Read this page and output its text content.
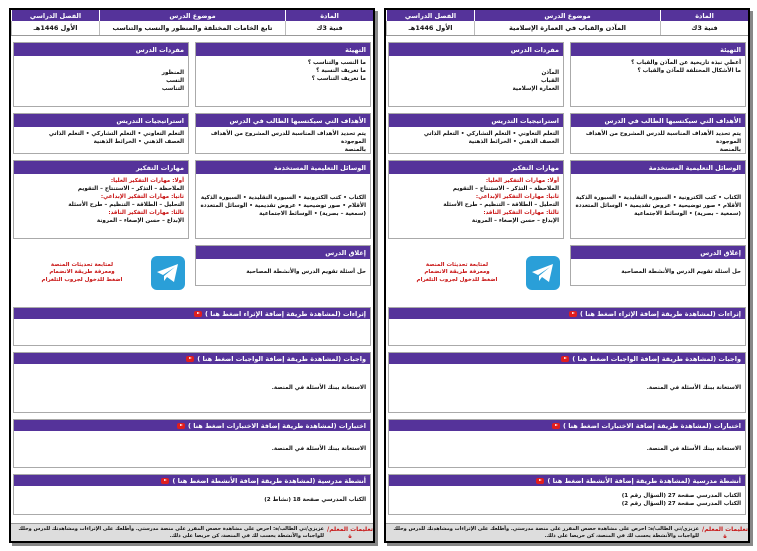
المادة
موضوع الدرس
الفصل الدراسي
فنية 3ك
المآذن والقباب في العمارة الإسلامية
الأول 1446هـ
التهيئة

أعطي نبذة تاريخية عن المآذن والقباب ؟

ما الأشكال المختلفة للمآذن والقباب ؟

الأهداف التي سيكتسبها الطالب في الدرس

يتم تحديد الأهداف المناسبة للدرس المشروح من الأهداف الموجودة

بالمنصة

الوسائل التعليمية المستخدمة

الكتاب • كتب الكترونية • السبورة التقليدية • السبورة الذكية

الأقلام • صور توضيحية • عروض تقديمية • الوسائل المتعددة

(سمعية – بصرية) • الوسائط الاجتماعية

إغلاق الدرس

حل أسئلة تقويم الدرس والأنشطة المصاحبة

مفردات الدرس

المآذن

القباب

العمارة الإسلامية

استراتيجيات التدريس

التعلم التعاوني • التعلم التشاركي • التعلم الذاتي

العصف الذهني • الخرائط الذهنية

مهارات التفكير

أولا: مهارات التفكير العليا:

الملاحظة – التذكر – الاستنتاج – التقويم

ثانيا: مهارات التفكير الإبداعي:

التحليل – الطلاقة – التنظيم – طرح الأسئلة

ثالثا: مهارات التفكير الناقد:

الإبداع – حسن الإصغاء – المرونة

لمتابعة تحديثات المنصة

ومعرفة طريقة الانضمام

اضغط للدخول لجروب التلغرام

إثراءات (لمشاهدة طريقة إضافة الإثراء اضغط هنا )
واجبات (لمشاهدة طريقة إضافة الواجبات اضغط هنا )

الاستعانة ببنك الأسئلة في المنصة.

اختبارات (لمشاهدة طريقة إضافة الاختبارات اضغط هنا )

الاستعانة ببنك الأسئلة في المنصة.

أنشطة مدرسية (لمشاهدة طريقة إضافة الأنشطة اضغط هنا )

الكتاب المدرسي صفحة 27 (السؤال رقم 1)

الكتاب المدرسي صفحة 27 (السؤال رقم 2)

تعليمات المعلم/ة
عزيزي/تي الطالب/ة: احرص على مشاهدة حصص المقرر على منصة مدرستي. وأطلعك على الإثراءات ومشاهدتك للدرس وحلك للواجبات والأنشطة يحسب لك في المنصة، كن حريصا على ذلك.
المادة
موضوع الدرس
الفصل الدراسي
فنية 3ك
تابع الخامات المختلفة والمنظور والنسب والتناسب
الأول 1446هـ
التهيئة

ما النسب والتناسب ؟

ما تعريف النسبة ؟

ما تعريف التناسب ؟

الأهداف التي سيكتسبها الطالب في الدرس

يتم تحديد الأهداف المناسبة للدرس المشروح من الأهداف الموجودة

بالمنصة

الوسائل التعليمية المستخدمة

الكتاب • كتب الكترونية • السبورة التقليدية • السبورة الذكية

الأقلام • صور توضيحية • عروض تقديمية • الوسائل المتعددة

(سمعية – بصرية) • الوسائط الاجتماعية

إغلاق الدرس

حل أسئلة تقويم الدرس والأنشطة المصاحبة

مفردات الدرس

المنظور

النسب

التناسب

استراتيجيات التدريس

التعلم التعاوني • التعلم التشاركي • التعلم الذاتي

العصف الذهني • الخرائط الذهنية

مهارات التفكير

أولا: مهارات التفكير العليا:

الملاحظة – التذكر – الاستنتاج – التقويم

ثانيا: مهارات التفكير الإبداعي:

التحليل – الطلاقة – التنظيم – طرح الأسئلة

ثالثا: مهارات التفكير الناقد:

الإبداع – حسن الإصغاء – المرونة

لمتابعة تحديثات المنصة

ومعرفة طريقة الانضمام

اضغط للدخول لجروب التلغرام

إثراءات (لمشاهدة طريقة إضافة الإثراء اضغط هنا )
واجبات (لمشاهدة طريقة إضافة الواجبات اضغط هنا )

الاستعانة ببنك الأسئلة في المنصة.

اختبارات (لمشاهدة طريقة إضافة الاختبارات اضغط هنا )

الاستعانة ببنك الأسئلة في المنصة.

أنشطة مدرسية (لمشاهدة طريقة إضافة الأنشطة اضغط هنا )

الكتاب المدرسي صفحة 18 (نشاط 2)

تعليمات المعلم/ة
عزيزي/تي الطالب/ة: احرص على مشاهدة حصص المقرر على منصة مدرستي. وأطلعك على الإثراءات ومشاهدتك للدرس وحلك للواجبات والأنشطة يحسب لك في المنصة، كن حريصا على ذلك.
